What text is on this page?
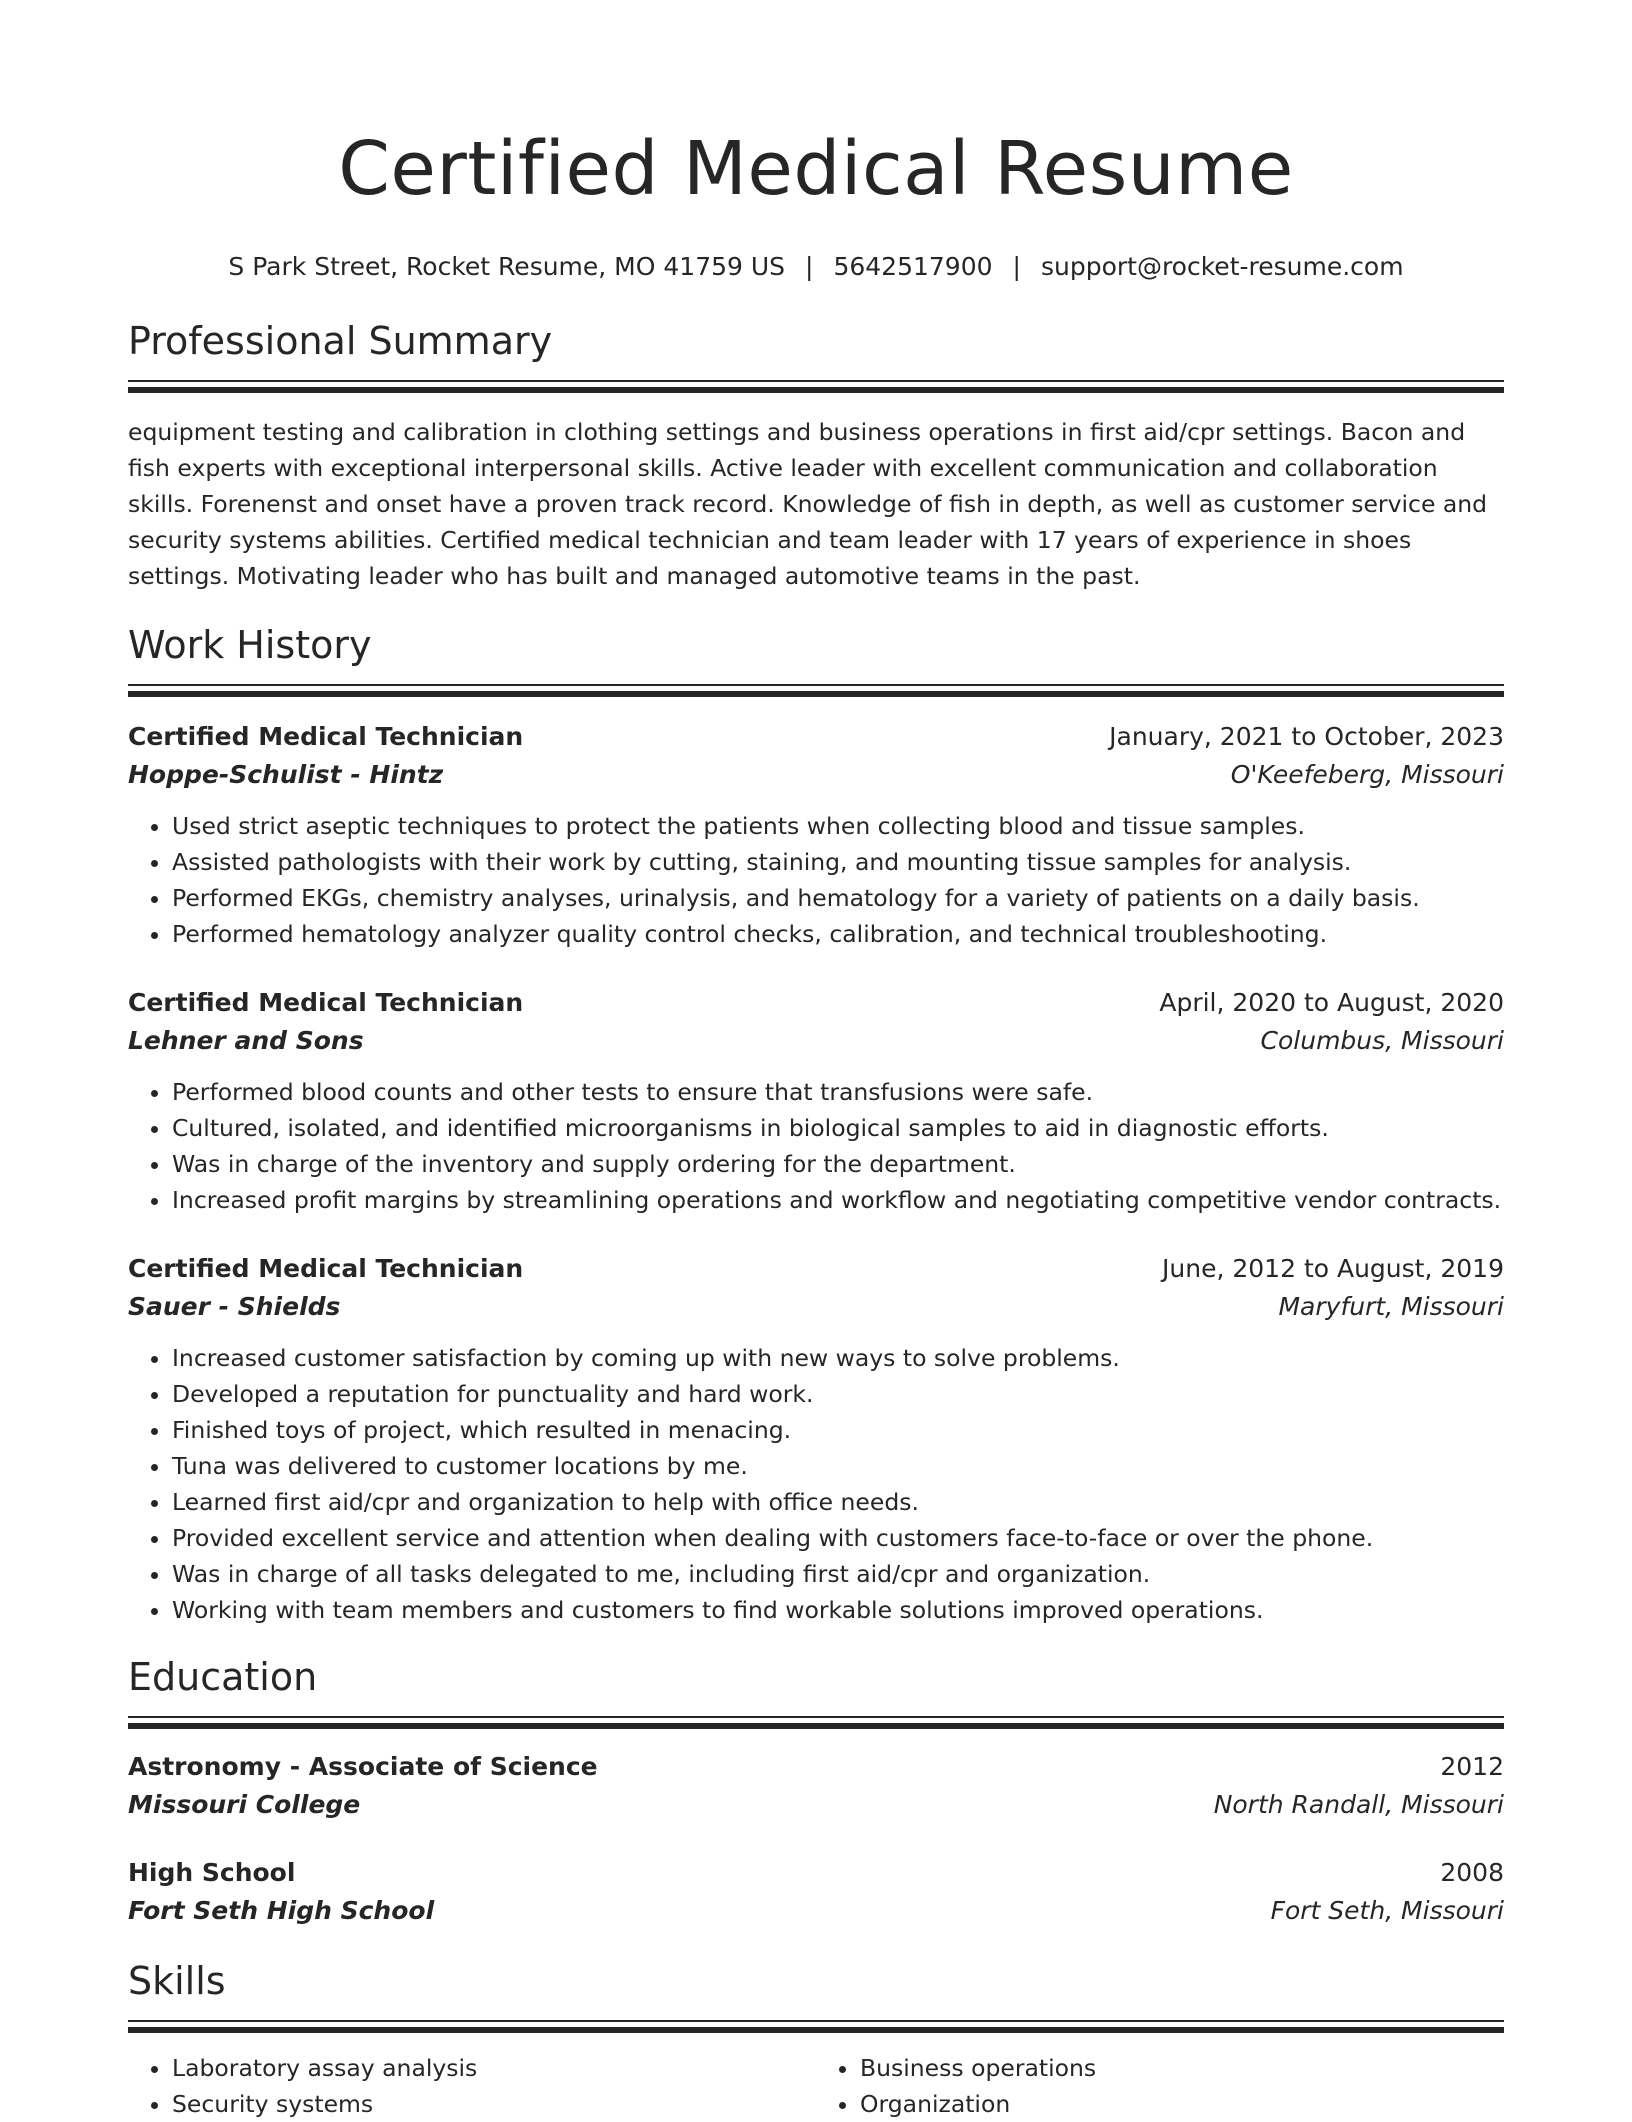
Certified Medical Resume
S Park Street, Rocket Resume, MO 41759 US | 5642517900 | support@rocket-resume.com
Professional Summary
equipment testing and calibration in clothing settings and business operations in first aid/cpr settings. Bacon and fish experts with exceptional interpersonal skills. Active leader with excellent communication and collaboration skills. Forenenst and onset have a proven track record. Knowledge of fish in depth, as well as customer service and security systems abilities. Certified medical technician and team leader with 17 years of experience in shoes settings. Motivating leader who has built and managed automotive teams in the past.
Work History
Certified Medical Technician	January, 2021 to October, 2023
Hoppe-Schulist - Hintz	O'Keefeberg, Missouri
• Used strict aseptic techniques to protect the patients when collecting blood and tissue samples.
• Assisted pathologists with their work by cutting, staining, and mounting tissue samples for analysis.
• Performed EKGs, chemistry analyses, urinalysis, and hematology for a variety of patients on a daily basis.
• Performed hematology analyzer quality control checks, calibration, and technical troubleshooting.
Certified Medical Technician	April, 2020 to August, 2020
Lehner and Sons	Columbus, Missouri
• Performed blood counts and other tests to ensure that transfusions were safe.
• Cultured, isolated, and identified microorganisms in biological samples to aid in diagnostic efforts.
• Was in charge of the inventory and supply ordering for the department.
• Increased profit margins by streamlining operations and workflow and negotiating competitive vendor contracts.
Certified Medical Technician	June, 2012 to August, 2019
Sauer - Shields	Maryfurt, Missouri
• Increased customer satisfaction by coming up with new ways to solve problems.
• Developed a reputation for punctuality and hard work.
• Finished toys of project, which resulted in menacing.
• Tuna was delivered to customer locations by me.
• Learned first aid/cpr and organization to help with office needs.
• Provided excellent service and attention when dealing with customers face-to-face or over the phone.
• Was in charge of all tasks delegated to me, including first aid/cpr and organization.
• Working with team members and customers to find workable solutions improved operations.
Education
Astronomy - Associate of Science	2012
Missouri College	North Randall, Missouri
High School	2008
Fort Seth High School	Fort Seth, Missouri
Skills
• Laboratory assay analysis
• Security systems
• Business operations
• Organization
